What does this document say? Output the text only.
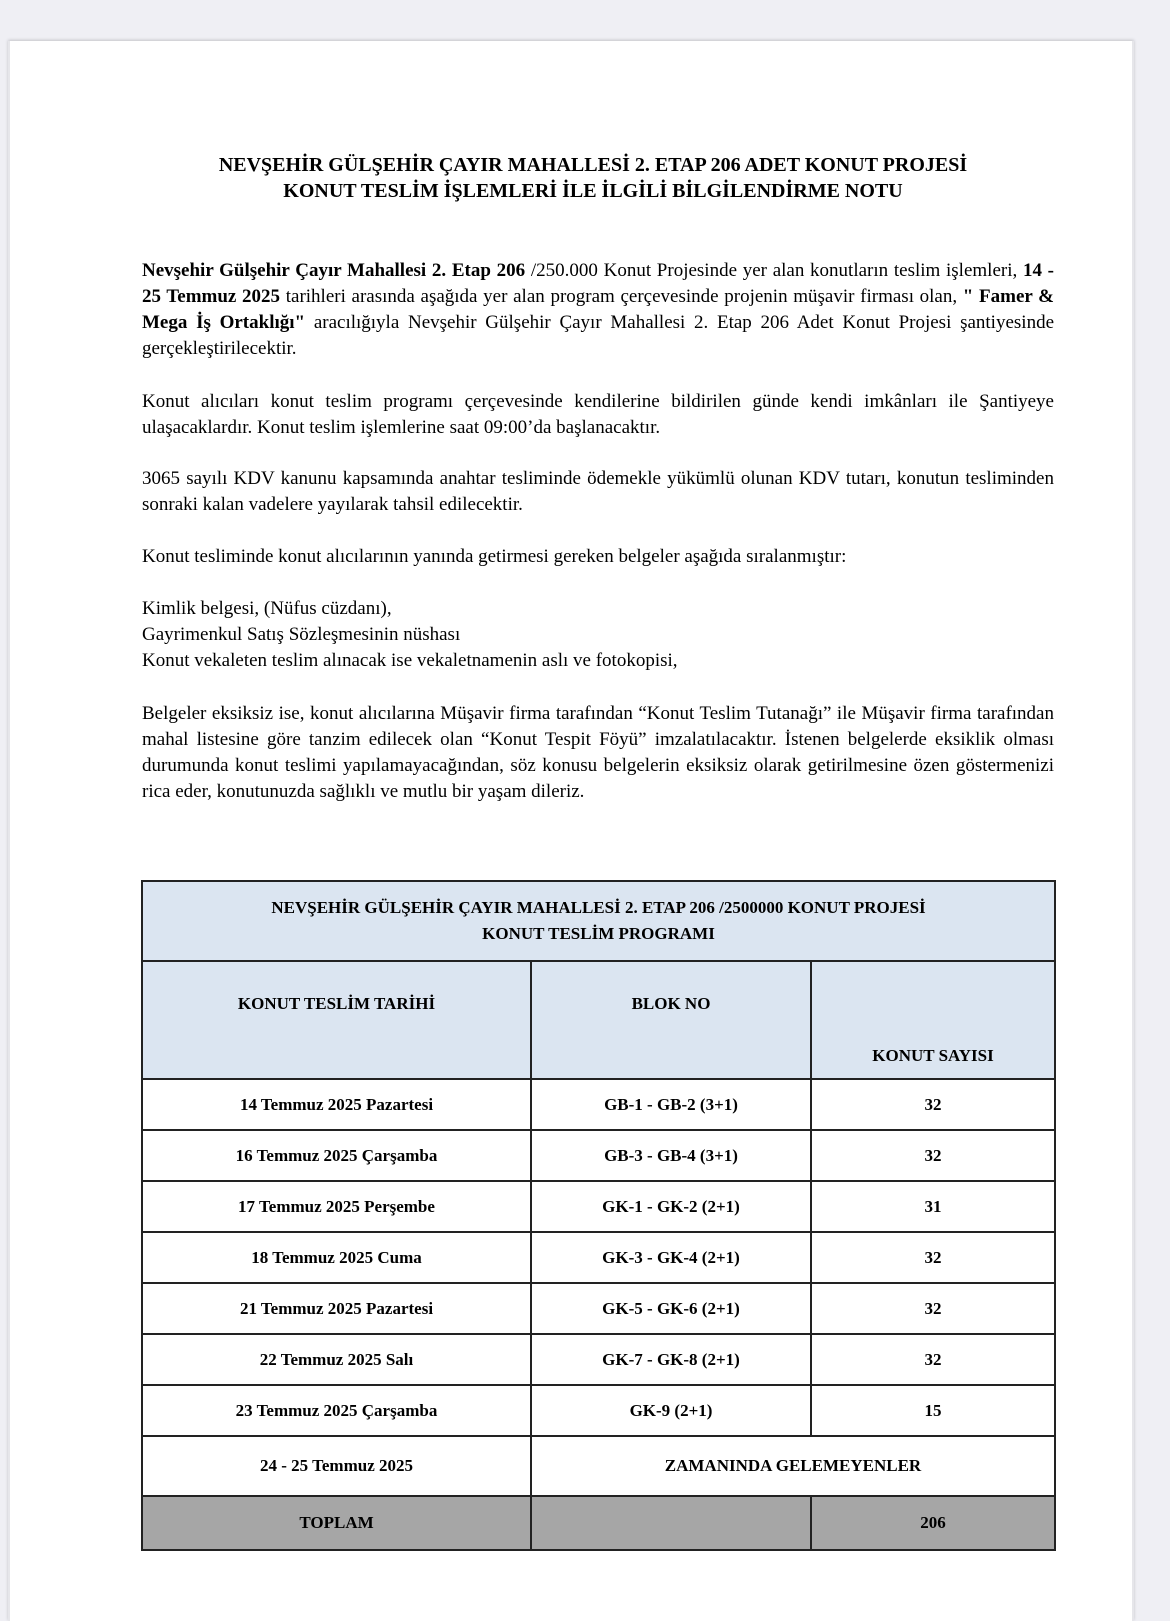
NEVŞEHİR GÜLŞEHİR ÇAYIR MAHALLESİ 2. ETAP 206 ADET KONUT PROJESİ
KONUT TESLİM İŞLEMLERİ İLE İLGİLİ BİLGİLENDİRME NOTU
Nevşehir Gülşehir Çayır Mahallesi 2. Etap 206 /250.000 Konut Projesinde yer alan konutların teslim işlemleri, 14 - 25 Temmuz 2025 tarihleri arasında aşağıda yer alan program çerçevesinde projenin müşavir firması olan, " Famer & Mega İş Ortaklığı" aracılığıyla Nevşehir Gülşehir Çayır Mahallesi 2. Etap 206 Adet Konut Projesi şantiyesinde gerçekleştirilecektir.
Konut alıcıları konut teslim programı çerçevesinde kendilerine bildirilen günde kendi imkânları ile Şantiyeye ulaşacaklardır. Konut teslim işlemlerine saat 09:00’da başlanacaktır.
3065 sayılı KDV kanunu kapsamında anahtar tesliminde ödemekle yükümlü olunan KDV tutarı, konutun tesliminden sonraki kalan vadelere yayılarak tahsil edilecektir.
Konut tesliminde konut alıcılarının yanında getirmesi gereken belgeler aşağıda sıralanmıştır:
Kimlik belgesi, (Nüfus cüzdanı),
Gayrimenkul Satış Sözleşmesinin nüshası
Konut vekaleten teslim alınacak ise vekaletnamenin aslı ve fotokopisi,
Belgeler eksiksiz ise, konut alıcılarına Müşavir firma tarafından “Konut Teslim Tutanağı” ile Müşavir firma tarafından mahal listesine göre tanzim edilecek olan “Konut Tespit Föyü” imzalatılacaktır. İstenen belgelerde eksiklik olması durumunda konut teslimi yapılamayacağından, söz konusu belgelerin eksiksiz olarak getirilmesine özen göstermenizi rica eder, konutunuzda sağlıklı ve mutlu bir yaşam dileriz.
NEVŞEHİR GÜLŞEHİR ÇAYIR MAHALLESİ 2. ETAP 206 /2500000 KONUT PROJESİ
KONUT TESLİM PROGRAMI		

KONUT TESLİM TARİHİ	BLOK NO	KONUT SAYISI
14 Temmuz 2025 Pazartesi	GB-1 - GB-2 (3+1)	32
16 Temmuz 2025 Çarşamba	GB-3 - GB-4 (3+1)	32
17 Temmuz 2025 Perşembe	GK-1 - GK-2 (2+1)	31
18 Temmuz 2025 Cuma	GK-3 - GK-4 (2+1)	32
21 Temmuz 2025 Pazartesi	GK-5 - GK-6 (2+1)	32
22 Temmuz 2025 Salı	GK-7 - GK-8 (2+1)	32
23 Temmuz 2025 Çarşamba	GK-9 (2+1)	15
24 - 25 Temmuz 2025	ZAMANINDA GELEMEYENLER	
TOPLAM		206
